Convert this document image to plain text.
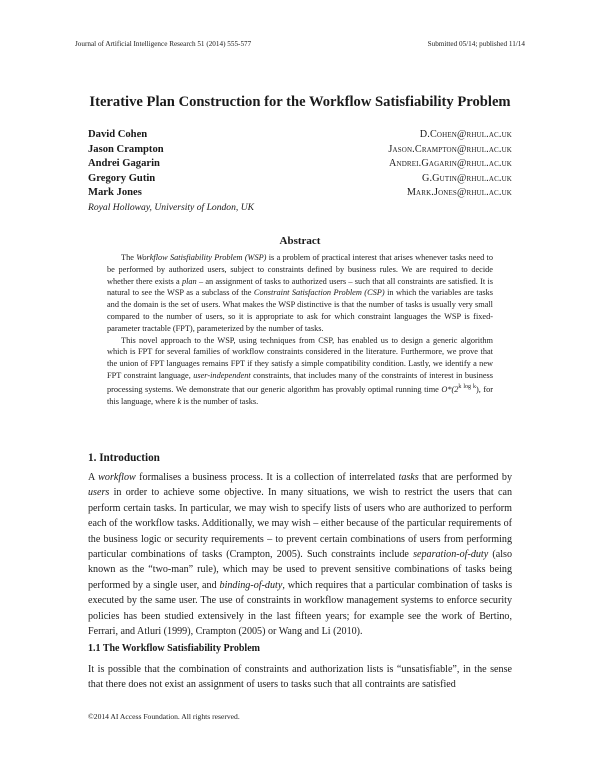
Journal of Artificial Intelligence Research 51 (2014) 555-577	Submitted 05/14; published 11/14
Iterative Plan Construction for the Workflow Satisfiability Problem
David Cohen	D.Cohen@rhul.ac.uk
Jason Crampton	Jason.Crampton@rhul.ac.uk
Andrei Gagarin	Andrei.Gagarin@rhul.ac.uk
Gregory Gutin	G.Gutin@rhul.ac.uk
Mark Jones	Mark.Jones@rhul.ac.uk
Royal Holloway, University of London, UK
Abstract

The Workflow Satisfiability Problem (WSP) is a problem of practical interest that arises whenever tasks need to be performed by authorized users, subject to constraints defined by business rules. We are required to decide whether there exists a plan – an assignment of tasks to authorized users – such that all constraints are satisfied. It is natural to see the WSP as a subclass of the Constraint Satisfaction Problem (CSP) in which the variables are tasks and the domain is the set of users. What makes the WSP distinctive is that the number of tasks is usually very small compared to the number of users, so it is appropriate to ask for which constraint languages the WSP is fixed-parameter tractable (FPT), parameterized by the number of tasks.

This novel approach to the WSP, using techniques from CSP, has enabled us to design a generic algorithm which is FPT for several families of workflow constraints considered in the literature. Furthermore, we prove that the union of FPT languages remains FPT if they satisfy a simple compatibility condition. Lastly, we identify a new FPT constraint language, user-independent constraints, that includes many of the constraints of interest in business processing systems. We demonstrate that our generic algorithm has provably optimal running time $O*(2^{k log k})$, for this language, where k is the number of tasks.

1. Introduction

A workflow formalises a business process. It is a collection of interrelated tasks that are performed by users in order to achieve some objective. In many situations, we wish to restrict the users that can perform certain tasks. In particular, we may wish to specify lists of users who are authorized to perform each of the workflow tasks. Additionally, we may wish – either because of the particular requirements of the business logic or security requirements – to prevent certain combinations of users from performing particular combinations of tasks (Crampton, 2005). Such constraints include separation-of-duty (also known as the “two-man” rule), which may be used to prevent sensitive combinations of tasks being performed by a single user, and binding-of-duty, which requires that a particular combination of tasks is executed by the same user. The use of constraints in workflow management systems to enforce security policies has been studied extensively in the last fifteen years; for example see the work of Bertino, Ferrari, and Atluri (1999), Crampton (2005) or Wang and Li (2010).

1.1 The Workflow Satisfiability Problem

It is possible that the combination of constraints and authorization lists is “unsatisfiable”, in the sense that there does not exist an assignment of users to tasks such that all contraints are satisfied

©2014 AI Access Foundation. All rights reserved.
